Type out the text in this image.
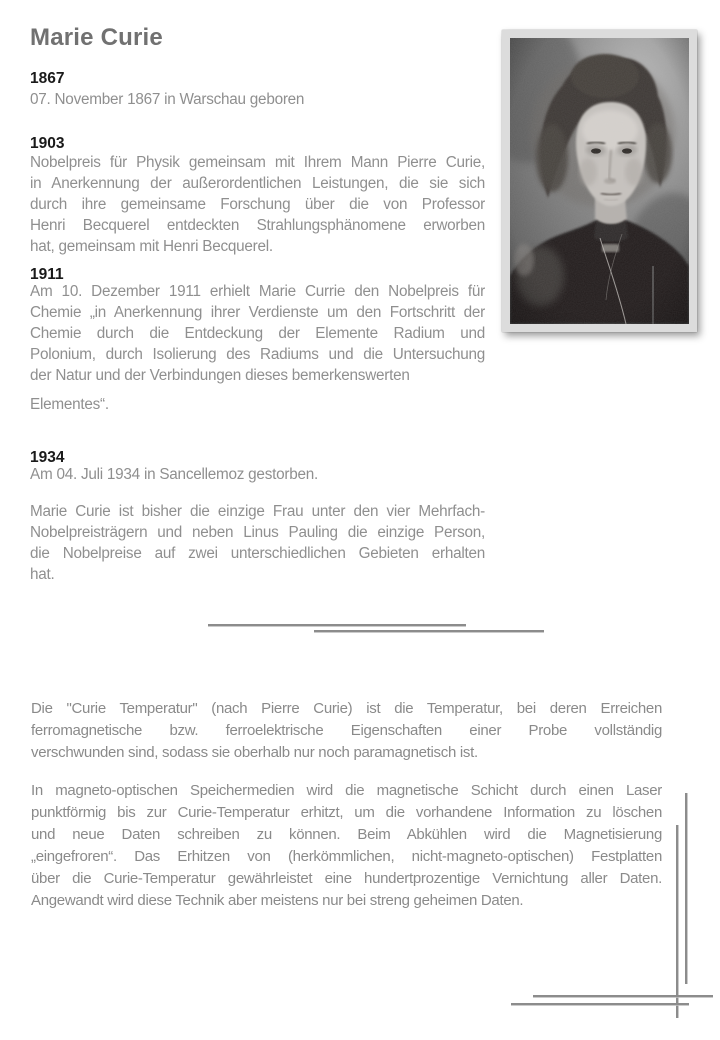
Marie Curie
1867
07. November 1867 in Warschau geboren
1903
Nobelpreis für Physik gemeinsam mit Ihrem Mann Pierre Curie,
in Anerkennung der außerordentlichen Leistungen, die sie sich
durch ihre gemeinsame Forschung über die von Professor
Henri Becquerel entdeckten Strahlungsphänomene erworben
hat, gemeinsam mit Henri Becquerel.
1911
Am 10. Dezember 1911 erhielt Marie Currie den Nobelpreis für
Chemie „in Anerkennung ihrer Verdienste um den Fortschritt der
Chemie durch die Entdeckung der Elemente Radium und
Polonium, durch Isolierung des Radiums und die Untersuchung
der Natur und der Verbindungen dieses bemerkenswerten
Elementes“.
1934
Am 04. Juli 1934 in Sancellemoz gestorben.
Marie Curie ist bisher die einzige Frau unter den vier Mehrfach-
Nobelpreisträgern und neben Linus Pauling die einzige Person,
die Nobelpreise auf zwei unterschiedlichen Gebieten erhalten
hat.
Die "Curie Temperatur" (nach Pierre Curie) ist die Temperatur, bei deren Erreichen
ferromagnetische bzw. ferroelektrische Eigenschaften einer Probe vollständig
verschwunden sind, sodass sie oberhalb nur noch paramagnetisch ist.
In magneto-optischen Speichermedien wird die magnetische Schicht durch einen Laser
punktförmig bis zur Curie-Temperatur erhitzt, um die vorhandene Information zu löschen
und neue Daten schreiben zu können. Beim Abkühlen wird die Magnetisierung
„eingefroren“. Das Erhitzen von (herkömmlichen, nicht-magneto-optischen) Festplatten
über die Curie-Temperatur gewährleistet eine hundertprozentige Vernichtung aller Daten.
Angewandt wird diese Technik aber meistens nur bei streng geheimen Daten.
